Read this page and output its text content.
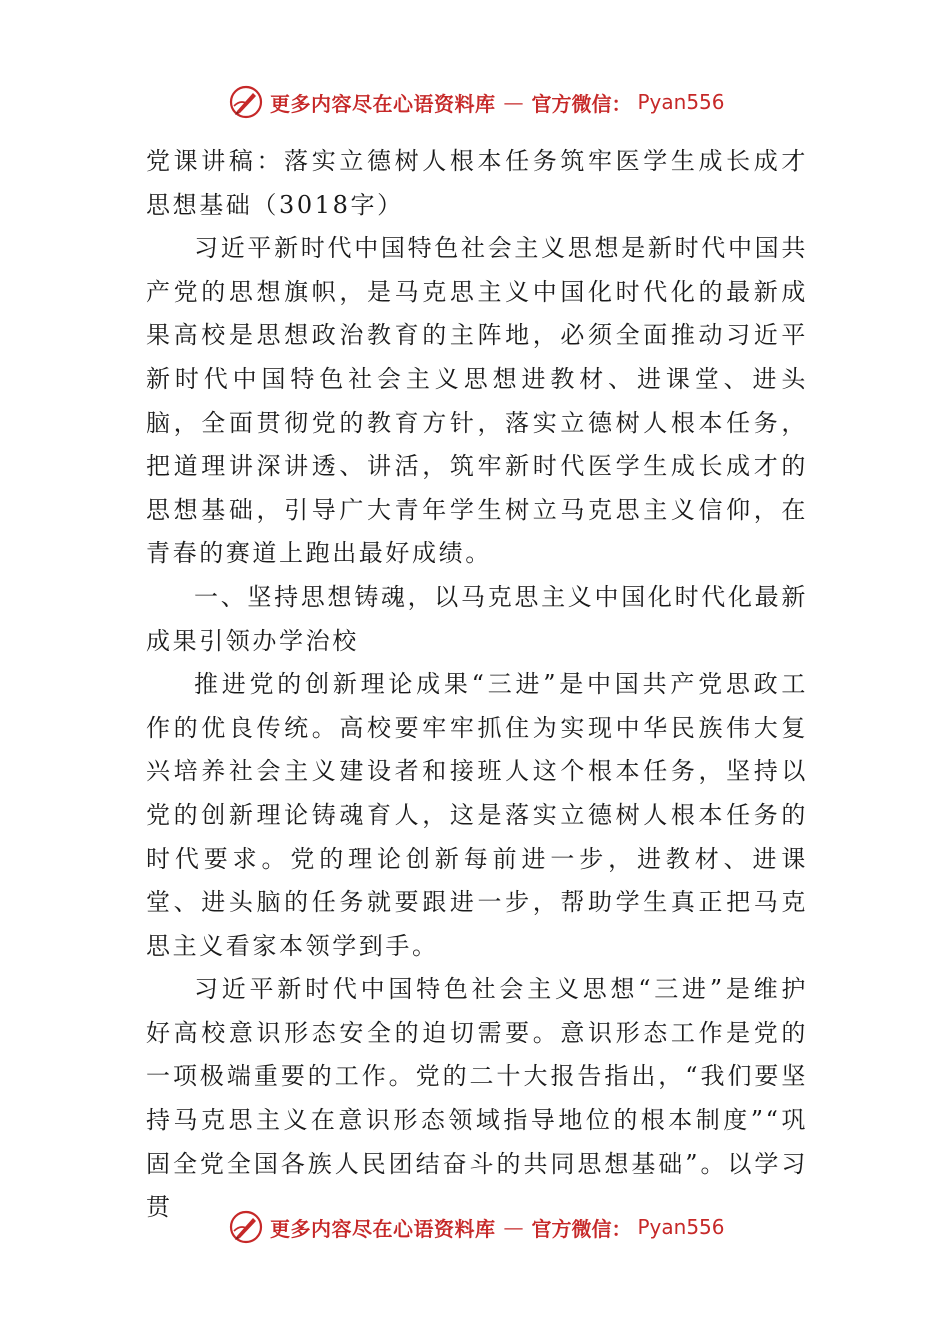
更多内容尽在心语资料库 — 官方微信： Pyan556

党课讲稿：落实立德树人根本任务筑牢医学生成长成才思想基础（3018字）

习近平新时代中国特色社会主义思想是新时代中国共产党的思想旗帜，是马克思主义中国化时代化的最新成果高校是思想政治教育的主阵地，必须全面推动习近平新时代中国特色社会主义思想进教材、进课堂、进头脑，全面贯彻党的教育方针，落实立德树人根本任务，把道理讲深讲透、讲活，筑牢新时代医学生成长成才的思想基础，引导广大青年学生树立马克思主义信仰，在青春的赛道上跑出最好成绩。

一、坚持思想铸魂，以马克思主义中国化时代化最新成果引领办学治校

推进党的创新理论成果“三进”是中国共产党思政工作的优良传统。高校要牢牢抓住为实现中华民族伟大复兴培养社会主义建设者和接班人这个根本任务，坚持以党的创新理论铸魂育人，这是落实立德树人根本任务的时代要求。党的理论创新每前进一步，进教材、进课堂、进头脑的任务就要跟进一步，帮助学生真正把马克思主义看家本领学到手。

习近平新时代中国特色社会主义思想“三进”是维护好高校意识形态安全的迫切需要。意识形态工作是党的一项极端重要的工作。党的二十大报告指出，“我们要坚持马克思主义在意识形态领域指导地位的根本制度”“巩固全党全国各族人民团结奋斗的共同思想基础”。以学习贯

更多内容尽在心语资料库 — 官方微信： Pyan556
